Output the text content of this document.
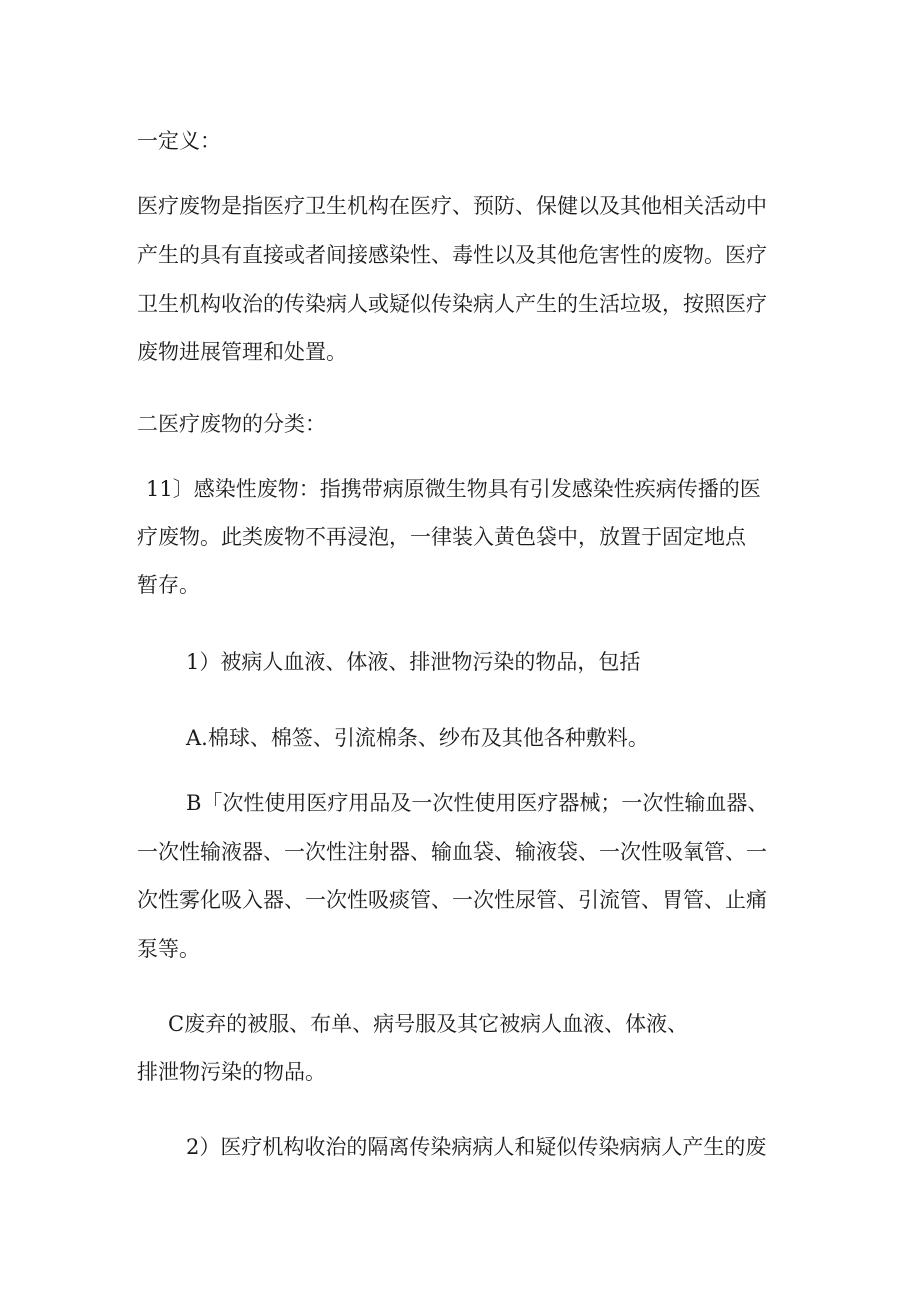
一定义：
医疗废物是指医疗卫生机构在医疗、预防、保健以及其他相关活动中
产生的具有直接或者间接感染性、毒性以及其他危害性的废物。医疗
卫生机构收治的传染病人或疑似传染病人产生的生活垃圾，按照医疗
废物进展管理和处置。
二医疗废物的分类：
11〕感染性废物：指携带病原微生物具有引发感染性疾病传播的医
疗废物。此类废物不再浸泡，一律装入黄色袋中，放置于固定地点
暂存。
1）被病人血液、体液、排泄物污染的物品，包括
A.棉球、棉签、引流棉条、纱布及其他各种敷料。
B「次性使用医疗用品及一次性使用医疗器械；一次性输血器、
一次性输液器、一次性注射器、输血袋、输液袋、一次性吸氧管、一
次性雾化吸入器、一次性吸痰管、一次性尿管、引流管、胃管、止痛
泵等。
C废弃的被服、布单、病号服及其它被病人血液、体液、
排泄物污染的物品。
2）医疗机构收治的隔离传染病病人和疑似传染病病人产生的废
